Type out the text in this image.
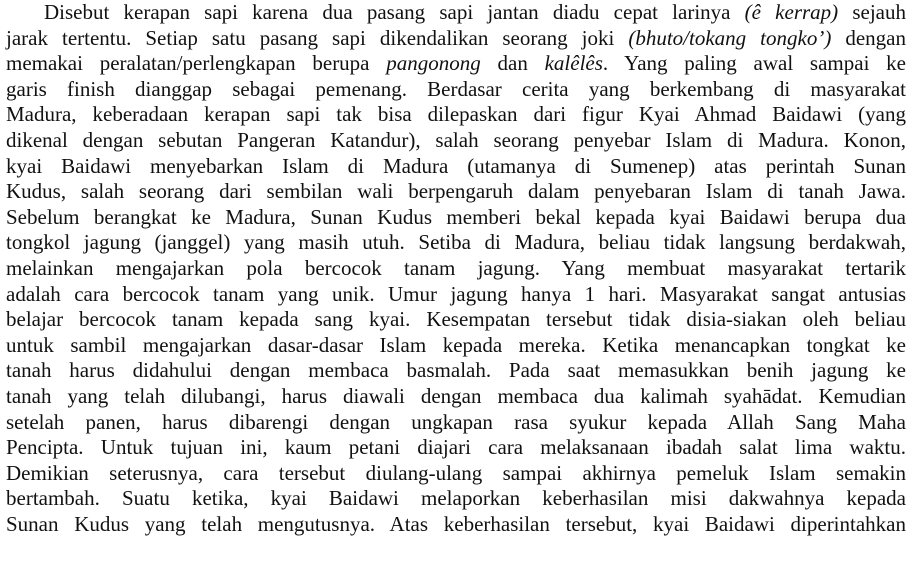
Disebut kerapan sapi karena dua pasang sapi jantan diadu cepat larinya (ê kerrap) sejauh
jarak tertentu. Setiap satu pasang sapi dikendalikan seorang joki (bhuto/tokang tongko’) dengan
memakai peralatan/perlengkapan berupa pangonong dan kalêlês. Yang paling awal sampai ke
garis finish dianggap sebagai pemenang. Berdasar cerita yang berkembang di masyarakat
Madura, keberadaan kerapan sapi tak bisa dilepaskan dari figur Kyai Ahmad Baidawi (yang
dikenal dengan sebutan Pangeran Katandur), salah seorang penyebar Islam di Madura. Konon,
kyai Baidawi menyebarkan Islam di Madura (utamanya di Sumenep) atas perintah Sunan
Kudus, salah seorang dari sembilan wali berpengaruh dalam penyebaran Islam di tanah Jawa.
Sebelum berangkat ke Madura, Sunan Kudus memberi bekal kepada kyai Baidawi berupa dua
tongkol jagung (janggel) yang masih utuh. Setiba di Madura, beliau tidak langsung berdakwah,
melainkan mengajarkan pola bercocok tanam jagung. Yang membuat masyarakat tertarik
adalah cara bercocok tanam yang unik. Umur jagung hanya 1 hari. Masyarakat sangat antusias
belajar bercocok tanam kepada sang kyai. Kesempatan tersebut tidak disia-siakan oleh beliau
untuk sambil mengajarkan dasar-dasar Islam kepada mereka. Ketika menancapkan tongkat ke
tanah harus didahului dengan membaca basmalah. Pada saat memasukkan benih jagung ke
tanah yang telah dilubangi, harus diawali dengan membaca dua kalimah syahādat. Kemudian
setelah panen, harus dibarengi dengan ungkapan rasa syukur kepada Allah Sang Maha
Pencipta. Untuk tujuan ini, kaum petani diajari cara melaksanaan ibadah salat lima waktu.
Demikian seterusnya, cara tersebut diulang-ulang sampai akhirnya pemeluk Islam semakin
bertambah. Suatu ketika, kyai Baidawi melaporkan keberhasilan misi dakwahnya kepada
Sunan Kudus yang telah mengutusnya. Atas keberhasilan tersebut, kyai Baidawi diperintahkan
